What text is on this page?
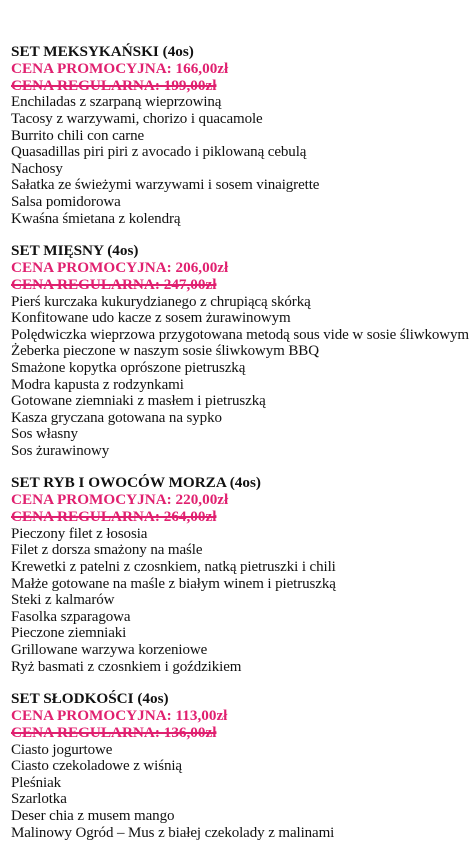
SET MEKSYKAŃSKI (4os)
CENA PROMOCYJNA: 166,00zł
CENA REGULARNA: 199,00zł
Enchiladas z szarpaną wieprzowiną
Tacosy z warzywami, chorizo i quacamole
Burrito chili con carne
Quasadillas piri piri z avocado i piklowaną cebulą
Nachosy
Sałatka ze świeżymi warzywami i sosem vinaigrette
Salsa pomidorowa
Kwaśna śmietana z kolendrą
SET MIĘSNY (4os)
CENA PROMOCYJNA: 206,00zł
CENA REGULARNA: 247,00zł
Pierś kurczaka kukurydzianego z chrupiącą skórką
Konfitowane udo kacze z sosem żurawinowym
Polędwiczka wieprzowa przygotowana metodą sous vide w sosie śliwkowym
Żeberka pieczone w naszym sosie śliwkowym BBQ
Smażone kopytka oprószone pietruszką
Modra kapusta z rodzynkami
Gotowane ziemniaki z masłem i pietruszką
Kasza gryczana gotowana na sypko
Sos własny
Sos żurawinowy
SET RYB I OWOCÓW MORZA (4os)
CENA PROMOCYJNA: 220,00zł
CENA REGULARNA: 264,00zł
Pieczony filet z łososia
Filet z dorsza smażony na maśle
Krewetki z patelni z czosnkiem, natką pietruszki i chili
Małże gotowane na maśle z białym winem i pietruszką
Steki z kalmarów
Fasolka szparagowa
Pieczone ziemniaki
Grillowane warzywa korzeniowe
Ryż basmati z czosnkiem i goździkiem
SET SŁODKOŚCI (4os)
CENA PROMOCYJNA: 113,00zł
CENA REGULARNA: 136,00zł
Ciasto jogurtowe
Ciasto czekoladowe z wiśnią
Pleśniak
Szarlotka
Deser chia z musem mango
Malinowy Ogród – Mus z białej czekolady z malinami
